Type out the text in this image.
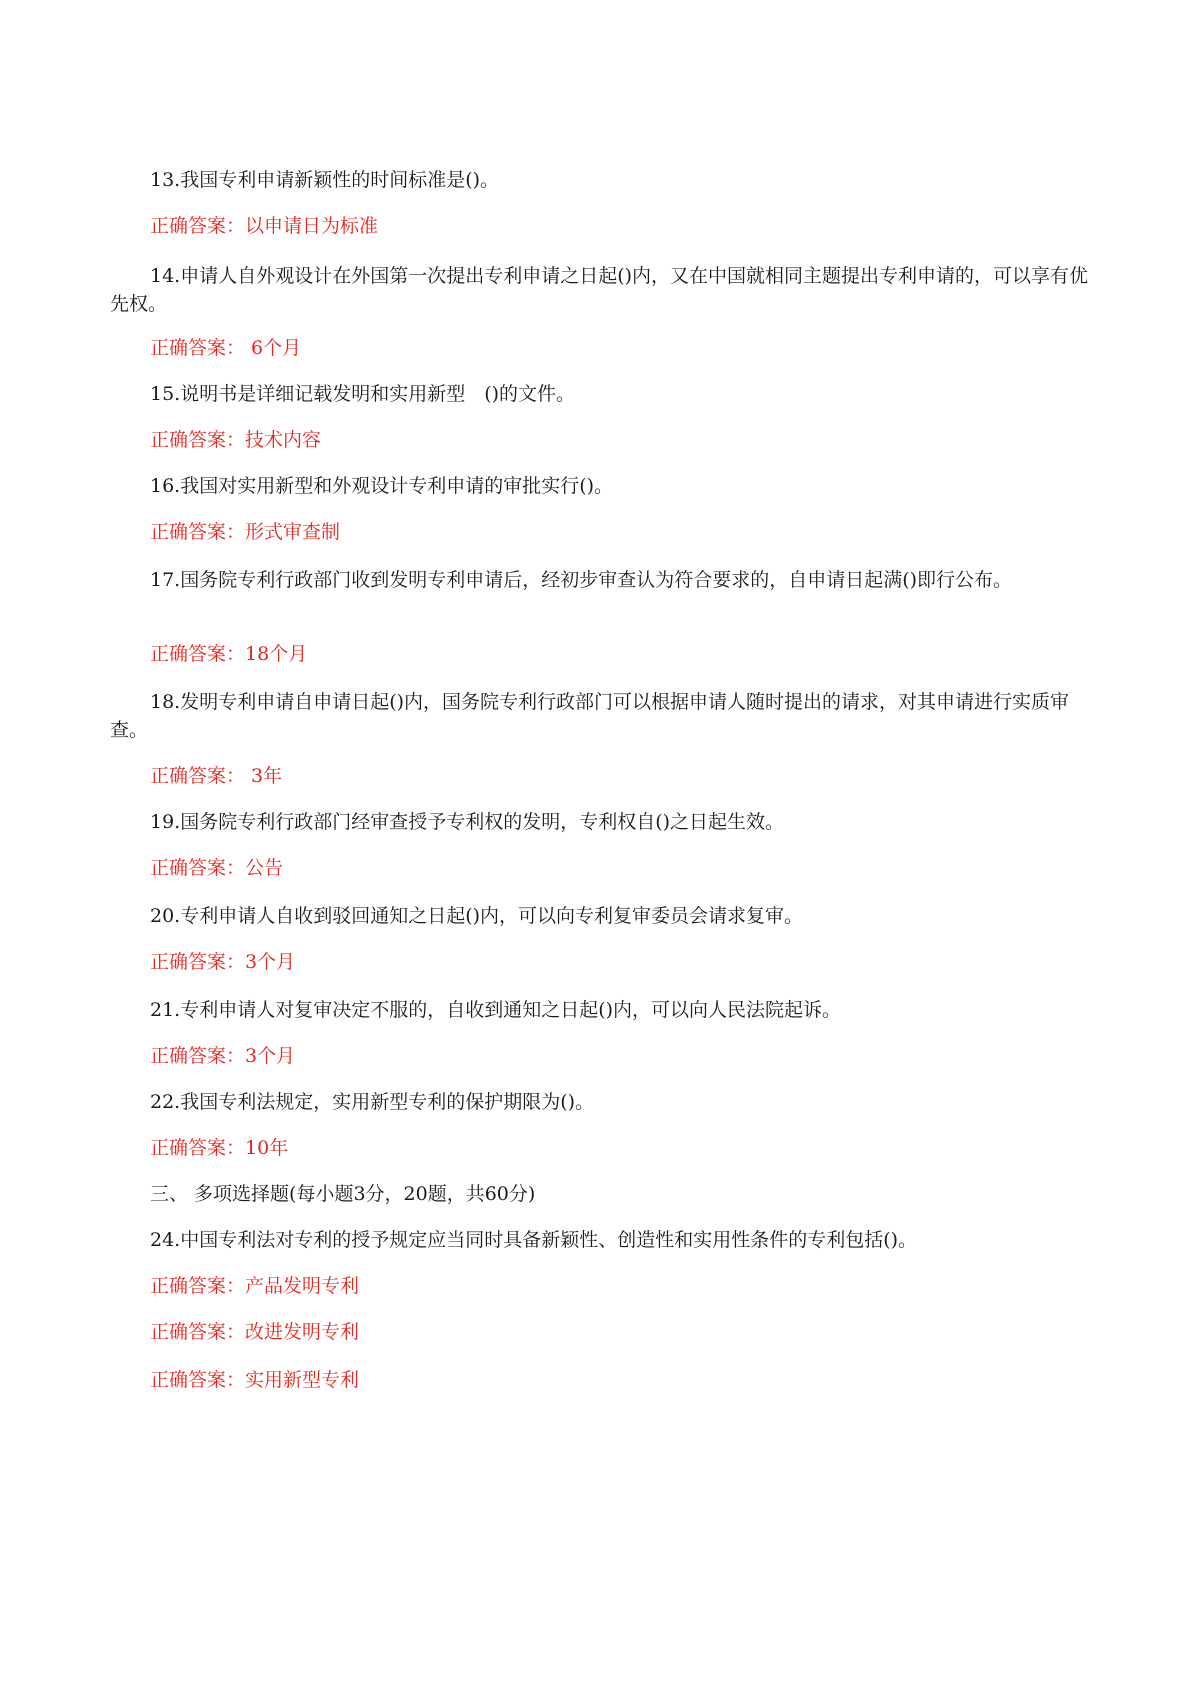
13.我国专利申请新颖性的时间标准是()。
正确答案：以申请日为标准
14.申请人自外观设计在外国第一次提出专利申请之日起()内，又在中国就相同主题提出专利申请的，可以享有优先权。
正确答案： 6个月
15.说明书是详细记载发明和实用新型　()的文件。
正确答案：技术内容
16.我国对实用新型和外观设计专利申请的审批实行()。
正确答案：形式审查制
17.国务院专利行政部门收到发明专利申请后，经初步审查认为符合要求的，自申请日起满()即行公布。
正确答案：18个月
18.发明专利申请自申请日起()内，国务院专利行政部门可以根据申请人随时提出的请求，对其申请进行实质审查。
正确答案： 3年
19.国务院专利行政部门经审查授予专利权的发明，专利权自()之日起生效。
正确答案：公告
20.专利申请人自收到驳回通知之日起()内，可以向专利复审委员会请求复审。
正确答案：3个月
21.专利申请人对复审决定不服的，自收到通知之日起()内，可以向人民法院起诉。
正确答案：3个月
22.我国专利法规定，实用新型专利的保护期限为()。
正确答案：10年
三、 多项选择题(每小题3分，20题，共60分)
24.中国专利法对专利的授予规定应当同时具备新颖性、创造性和实用性条件的专利包括()。
正确答案：产品发明专利
正确答案：改进发明专利
正确答案：实用新型专利
